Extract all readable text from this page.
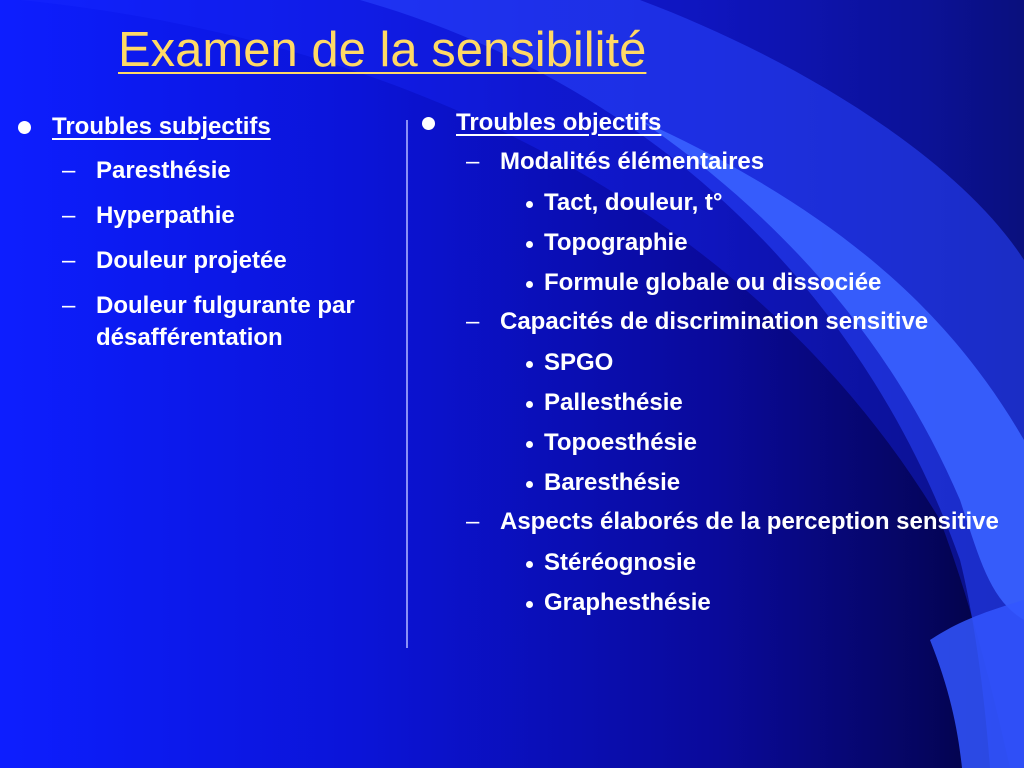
Examen de la sensibilité
Troubles subjectifs
– Paresthésie
– Hyperpathie
– Douleur projetée
– Douleur fulgurante par désafférentation
Troubles objectifs
– Modalités élémentaires
Tact, douleur, t°
Topographie
Formule globale ou dissociée
– Capacités de discrimination sensitive
SPGO
Pallesthésie
Topoesthésie
Baresthésie
– Aspects élaborés de la perception sensitive
Stéréognosie
Graphesthésie
